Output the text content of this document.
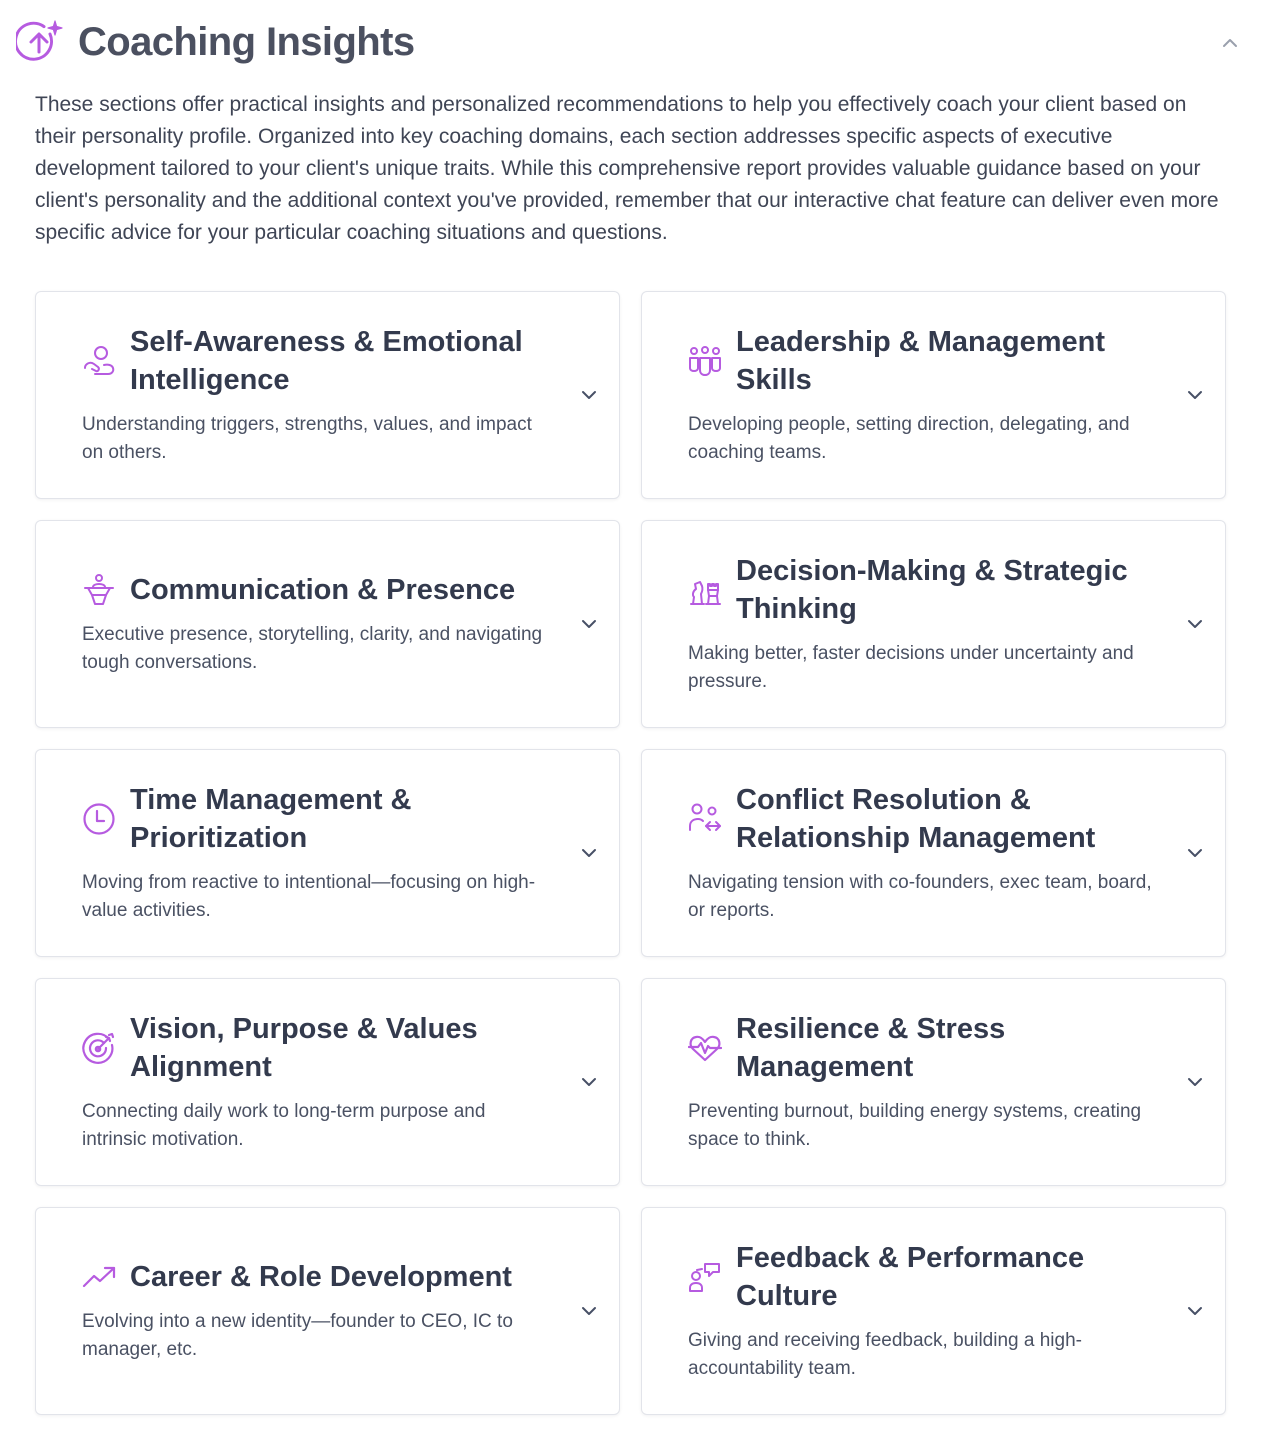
Coaching Insights

These sections offer practical insights and personalized recommendations to help you effectively coach your client based on their personality profile. Organized into key coaching domains, each section addresses specific aspects of executive development tailored to your client's unique traits. While this comprehensive report provides valuable guidance based on your client's personality and the additional context you've provided, remember that our interactive chat feature can deliver even more specific advice for your particular coaching situations and questions.

Self-Awareness & Emotional Intelligence
Understanding triggers, strengths, values, and impact on others.
Leadership & Management Skills
Developing people, setting direction, delegating, and coaching teams.
Communication & Presence
Executive presence, storytelling, clarity, and navigating tough conversations.
Decision-Making & Strategic Thinking
Making better, faster decisions under uncertainty and pressure.
Time Management & Prioritization
Moving from reactive to intentional—focusing on high-value activities.
Conflict Resolution & Relationship Management
Navigating tension with co-founders, exec team, board, or reports.
Vision, Purpose & Values Alignment
Connecting daily work to long-term purpose and intrinsic motivation.
Resilience & Stress Management
Preventing burnout, building energy systems, creating space to think.
Career & Role Development
Evolving into a new identity—founder to CEO, IC to manager, etc.
Feedback & Performance Culture
Giving and receiving feedback, building a high-accountability team.
